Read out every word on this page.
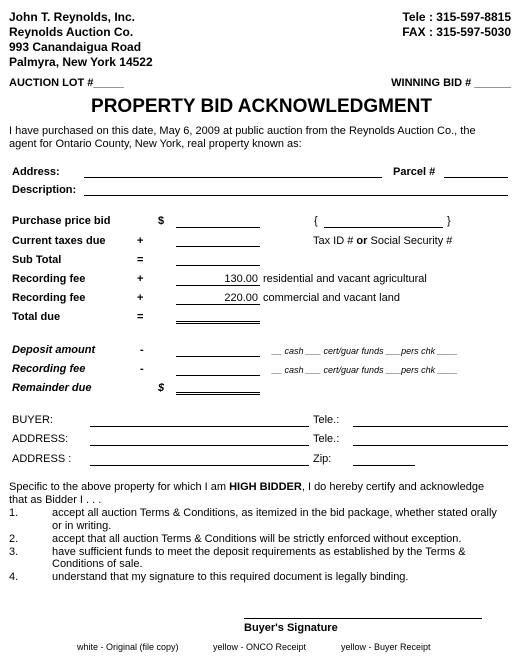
John T. Reynolds, Inc.
Reynolds Auction Co.
993 Canandaigua Road
Palmyra, New York 14522
Tele : 315-597-8815
FAX : 315-597-5030
AUCTION LOT #_____	WINNING BID # ______
PROPERTY BID ACKNOWLEDGMENT
I have purchased on this date, May 6, 2009 at public auction from the Reynolds Auction Co., the
agent for Ontario County, New York, real property known as:
Address:	Parcel #
Description:
Purchase price bid	$	{	}
Current taxes due	+	Tax ID # or Social Security #
Sub Total	=
Recording fee	+	130.00 residential and vacant agricultural
Recording fee	+	220.00 commercial and vacant land
Total due	=
Deposit amount	-	__ cash ___ cert/guar funds ___pers chk ____
Recording fee	-	__ cash ___ cert/guar funds ___pers chk ____
Remainder due	$
BUYER:	Tele.:
ADDRESS:	Tele.:
ADDRESS :	Zip:
Specific to the above property for which I am HIGH BIDDER, I do hereby certify and acknowledge
that as Bidder I . . .
1.	accept all auction Terms & Conditions, as itemized in the bid package, whether stated orally
or in writing.
2.	accept that all auction Terms & Conditions will be strictly enforced without exception.
3.	have sufficient funds to meet the deposit requirements as established by the Terms &
Conditions of sale.
4.	understand that my signature to this required document is legally binding.
Buyer's Signature
white - Original (file copy)	yellow - ONCO Receipt	yellow - Buyer Receipt
